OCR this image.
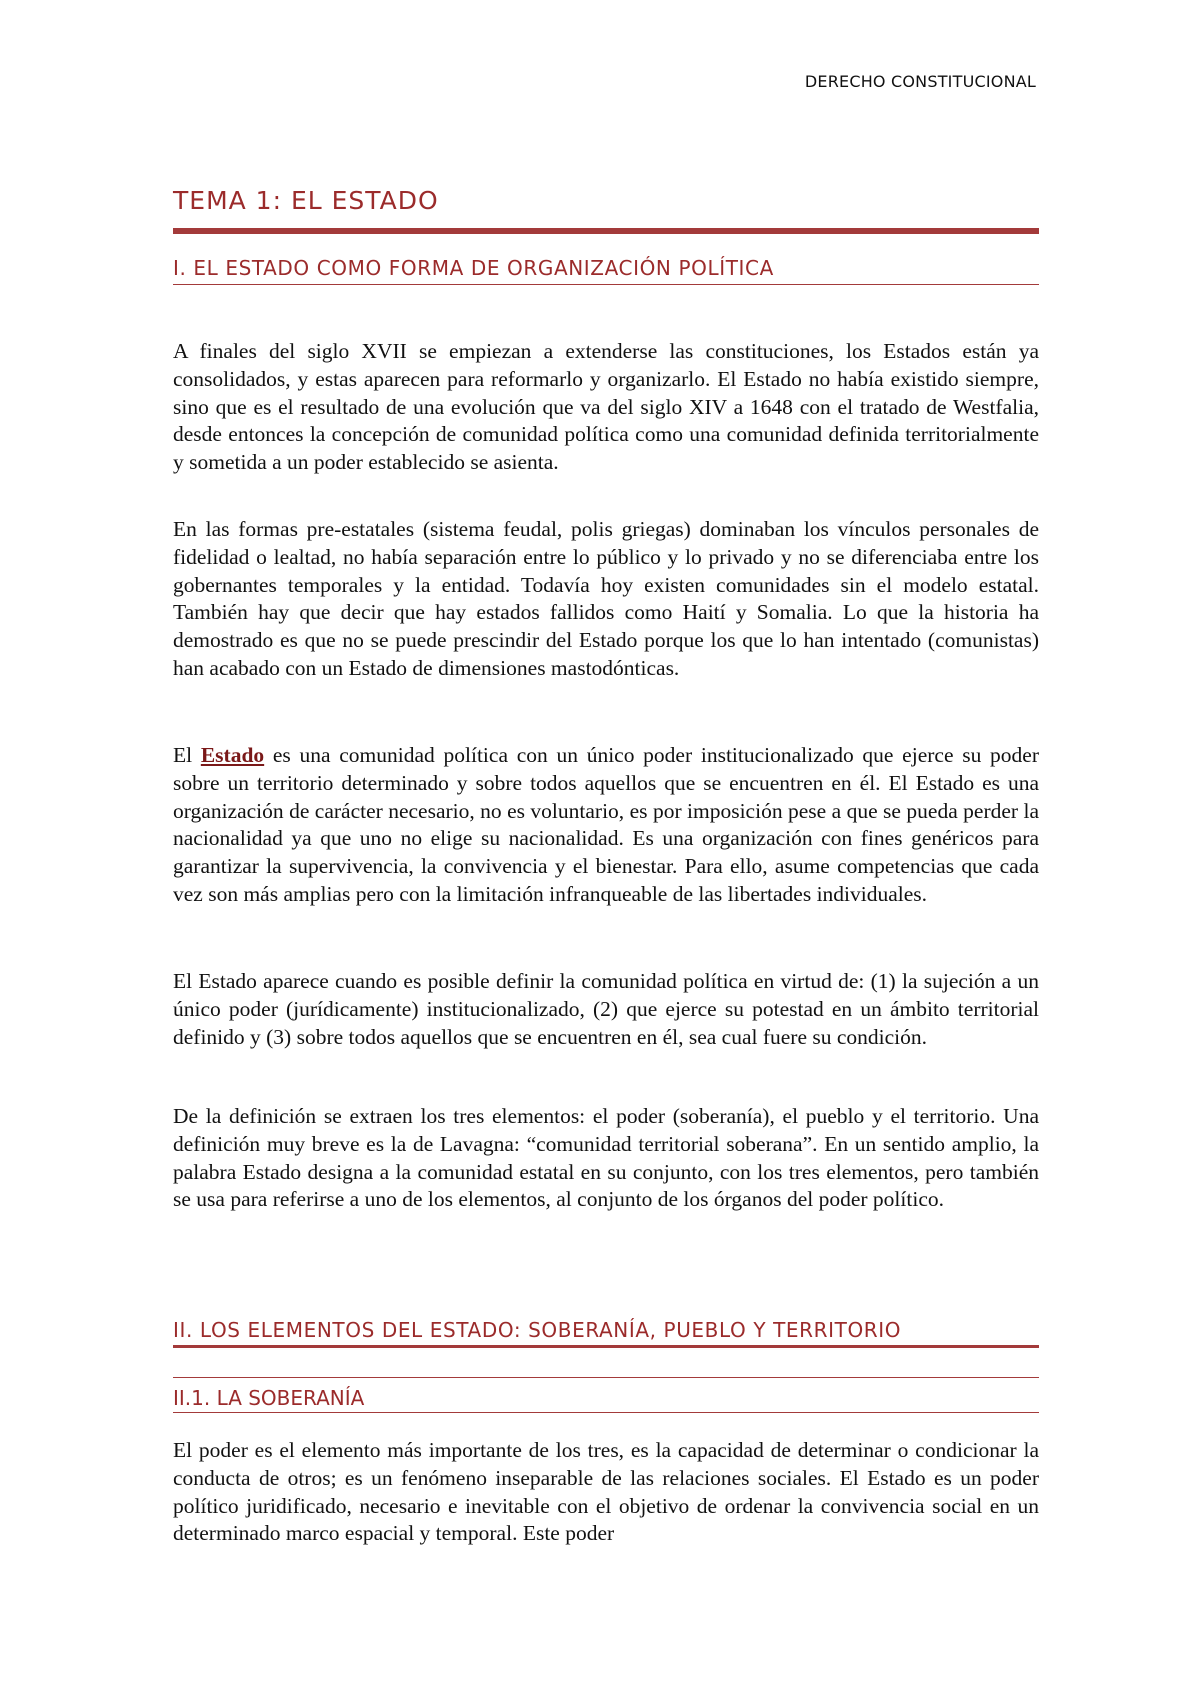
DERECHO CONSTITUCIONAL
TEMA 1: EL ESTADO
I. EL ESTADO COMO FORMA DE ORGANIZACIÓN POLÍTICA

A finales del siglo XVII se empiezan a extenderse las constituciones, los Estados están ya consolidados, y estas aparecen para reformarlo y organizarlo. El Estado no había existido siempre, sino que es el resultado de una evolución que va del siglo XIV a 1648 con el tratado de Westfalia, desde entonces la concepción de comunidad política como una comunidad definida territorialmente y sometida a un poder establecido se asienta.

En las formas pre-estatales (sistema feudal, polis griegas) dominaban los vínculos personales de fidelidad o lealtad, no había separación entre lo público y lo privado y no se diferenciaba entre los gobernantes temporales y la entidad. Todavía hoy existen comunidades sin el modelo estatal. También hay que decir que hay estados fallidos como Haití y Somalia. Lo que la historia ha demostrado es que no se puede prescindir del Estado porque los que lo han intentado (comunistas) han acabado con un Estado de dimensiones mastodónticas.

El Estado es una comunidad política con un único poder institucionalizado que ejerce su poder sobre un territorio determinado y sobre todos aquellos que se encuentren en él. El Estado es una organización de carácter necesario, no es voluntario, es por imposición pese a que se pueda perder la nacionalidad ya que uno no elige su nacionalidad. Es una organización con fines genéricos para garantizar la supervivencia, la convivencia y el bienestar. Para ello, asume competencias que cada vez son más amplias pero con la limitación infranqueable de las libertades individuales.

El Estado aparece cuando es posible definir la comunidad política en virtud de: (1) la sujeción a un único poder (jurídicamente) institucionalizado, (2) que ejerce su potestad en un ámbito territorial definido y (3) sobre todos aquellos que se encuentren en él, sea cual fuere su condición.

De la definición se extraen los tres elementos: el poder (soberanía), el pueblo y el territorio. Una definición muy breve es la de Lavagna: “comunidad territorial soberana”. En un sentido amplio, la palabra Estado designa a la comunidad estatal en su conjunto, con los tres elementos, pero también se usa para referirse a uno de los elementos, al conjunto de los órganos del poder político.

II. LOS ELEMENTOS DEL ESTADO: SOBERANÍA, PUEBLO Y TERRITORIO
II.1. LA SOBERANÍA

El poder es el elemento más importante de los tres, es la capacidad de determinar o condicionar la conducta de otros; es un fenómeno inseparable de las relaciones sociales. El Estado es un poder político juridificado, necesario e inevitable con el objetivo de ordenar la convivencia social en un determinado marco espacial y temporal. Este poder
